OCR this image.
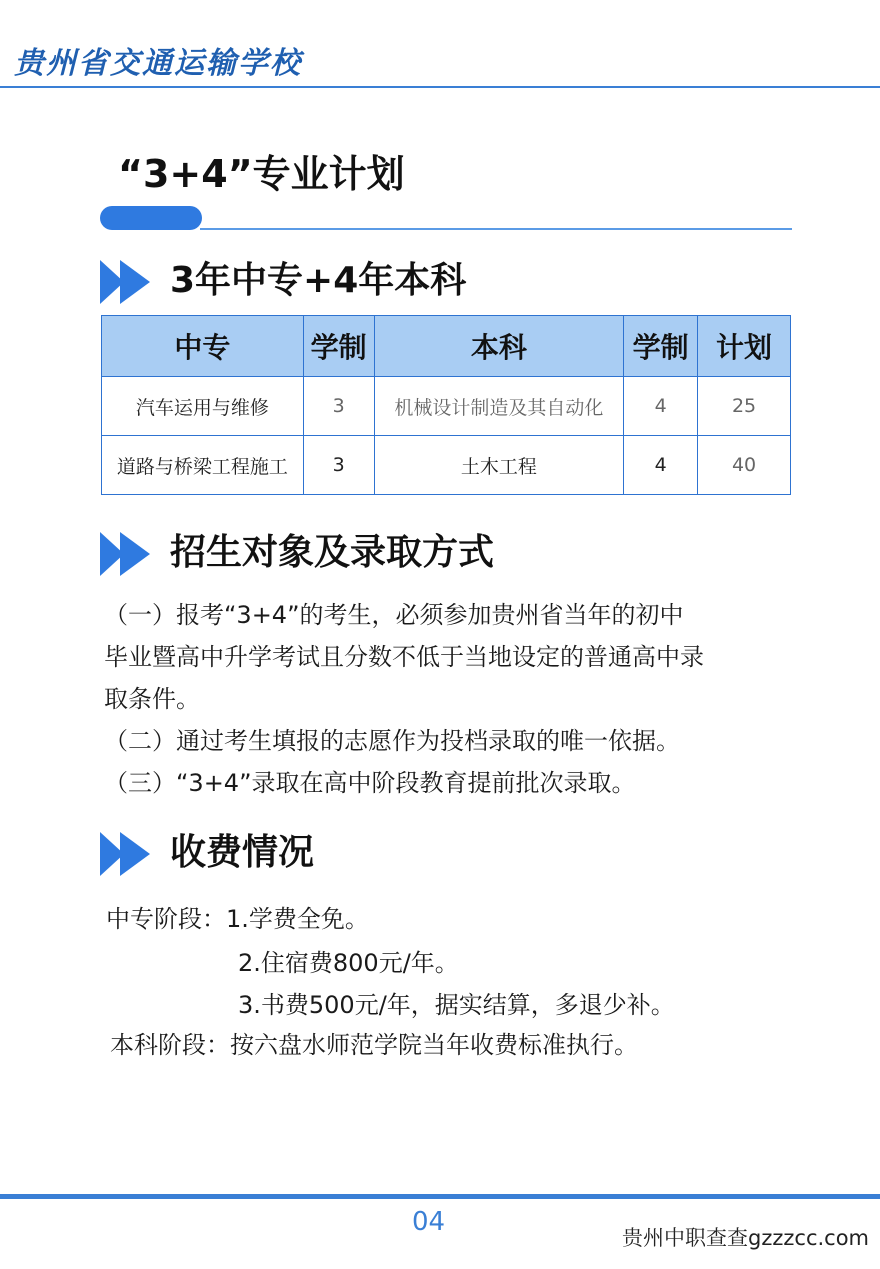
贵州省交通运输学校
“3+4”专业计划
3年中专+4年本科
中专	学制	本科	学制	计划
汽车运用与维修	3	机械设计制造及其自动化	4	25
道路与桥梁工程施工	3	土木工程	4	40
招生对象及录取方式
（一）报考“3+4”的考生，必须参加贵州省当年的初中
毕业暨高中升学考试且分数不低于当地设定的普通高中录
取条件。
（二）通过考生填报的志愿作为投档录取的唯一依据。
（三）“3+4”录取在高中阶段教育提前批次录取。
收费情况
中专阶段：1.学费全免。
2.住宿费800元/年。
3.书费500元/年，据实结算，多退少补。
本科阶段：按六盘水师范学院当年收费标准执行。
04
贵州中职查查gzzzcc.com
